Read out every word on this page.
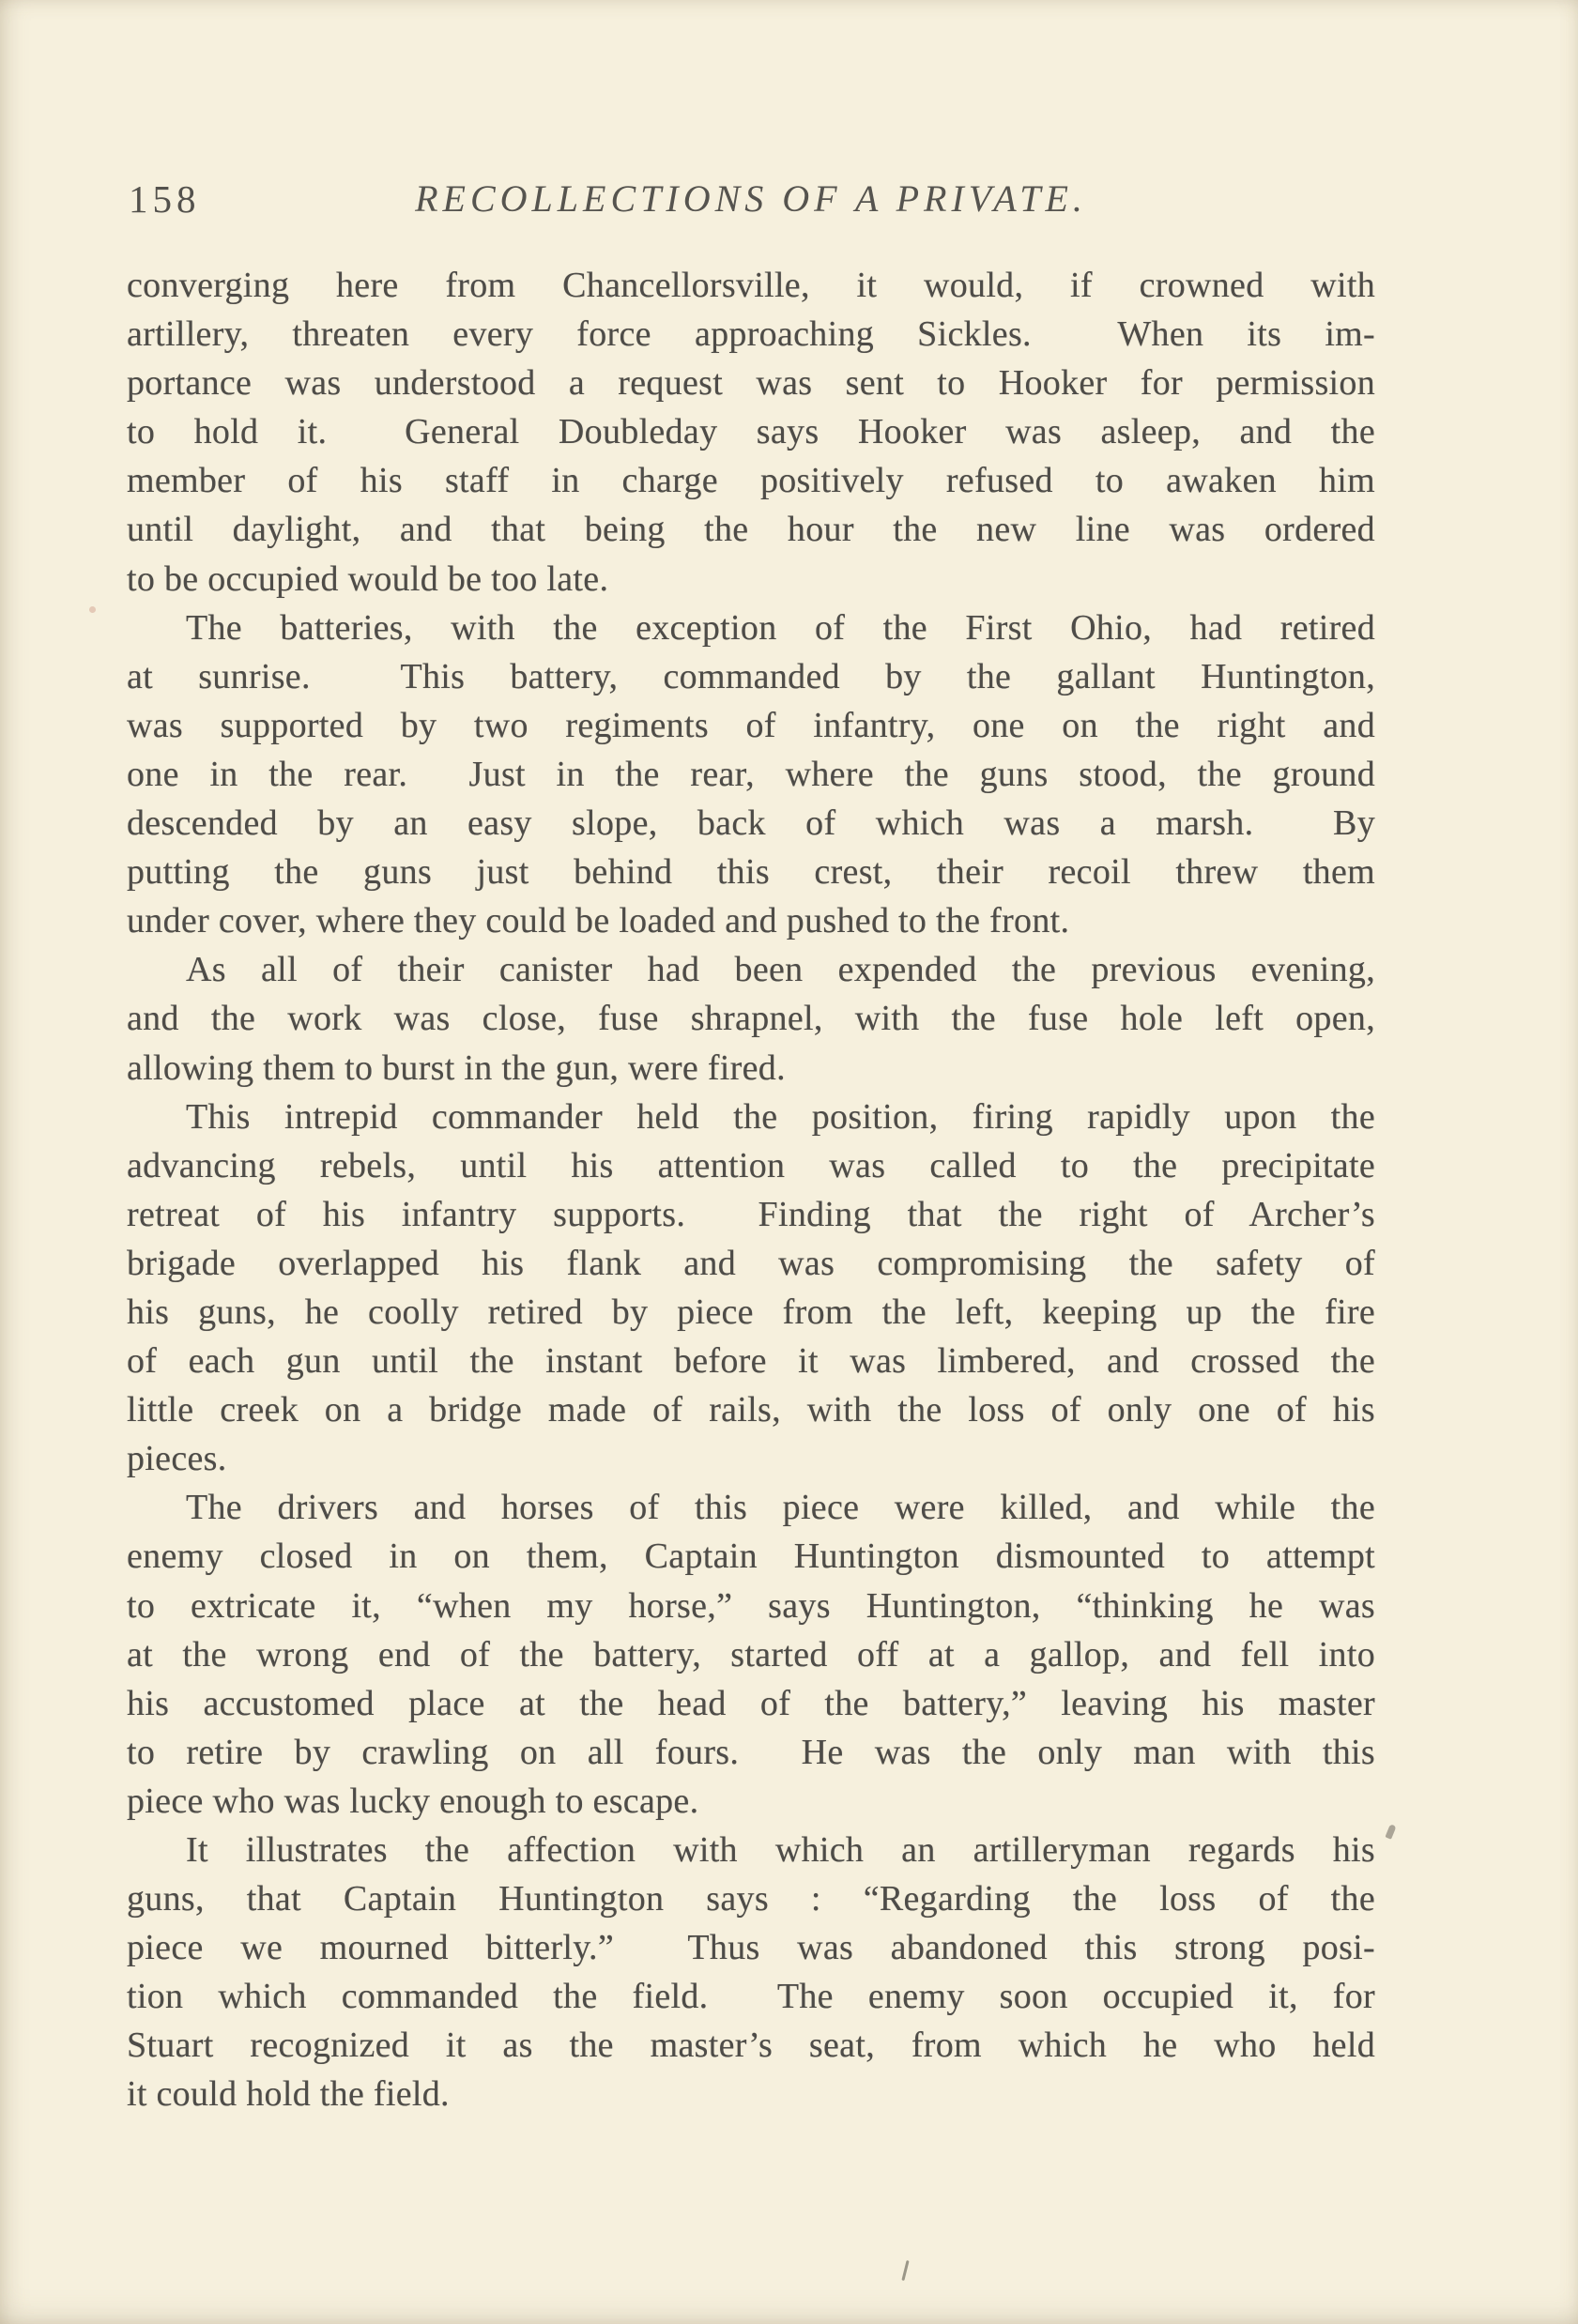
158	RECOLLECTIONS OF A PRIVATE.
converging here from Chancellorsville, it would, if crowned with
artillery, threaten every force approaching Sickles.  When its im-
portance was understood a request was sent to Hooker for permission
to hold it.  General Doubleday says Hooker was asleep, and the
member of his staff in charge positively refused to awaken him
until daylight, and that being the hour the new line was ordered
to be occupied would be too late.
The batteries, with the exception of the First Ohio, had retired
at sunrise.  This battery, commanded by the gallant Huntington,
was supported by two regiments of infantry, one on the right and
one in the rear.  Just in the rear, where the guns stood, the ground
descended by an easy slope, back of which was a marsh.  By
putting the guns just behind this crest, their recoil threw them
under cover, where they could be loaded and pushed to the front.
As all of their canister had been expended the previous evening,
and the work was close, fuse shrapnel, with the fuse hole left open,
allowing them to burst in the gun, were fired.
This intrepid commander held the position, firing rapidly upon the
advancing rebels, until his attention was called to the precipitate
retreat of his infantry supports.  Finding that the right of Archer’s
brigade overlapped his flank and was compromising the safety of
his guns, he coolly retired by piece from the left, keeping up the fire
of each gun until the instant before it was limbered, and crossed the
little creek on a bridge made of rails, with the loss of only one of his
pieces.
The drivers and horses of this piece were killed, and while the
enemy closed in on them, Captain Huntington dismounted to attempt
to extricate it, “when my horse,” says Huntington, “thinking he was
at the wrong end of the battery, started off at a gallop, and fell into
his accustomed place at the head of the battery,” leaving his master
to retire by crawling on all fours.  He was the only man with this
piece who was lucky enough to escape.
It illustrates the affection with which an artilleryman regards his
guns, that Captain Huntington says : “Regarding the loss of the
piece we mourned bitterly.”  Thus was abandoned this strong posi-
tion which commanded the field.  The enemy soon occupied it, for
Stuart recognized it as the master’s seat, from which he who held
it could hold the field.
